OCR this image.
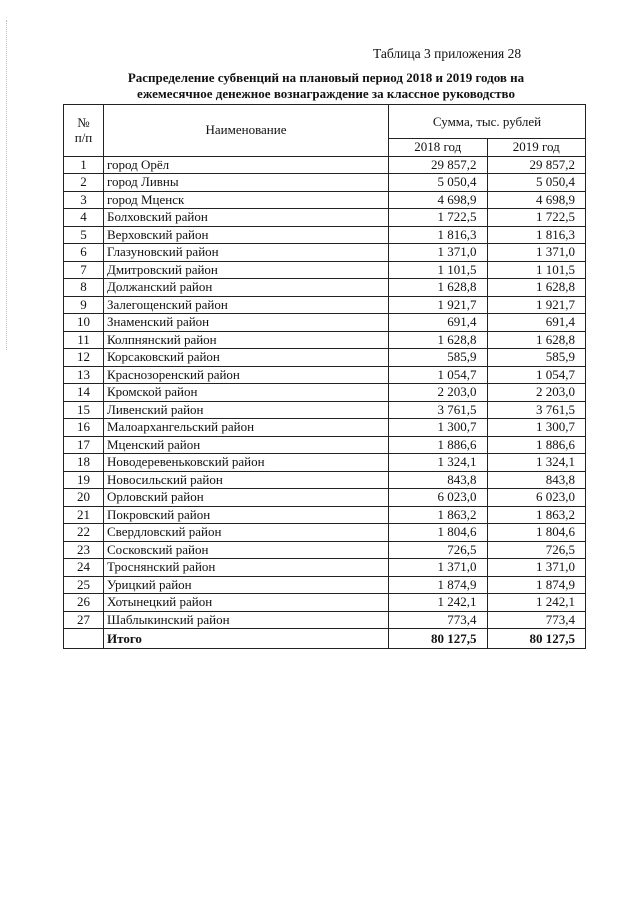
Таблица 3 приложения 28
Распределение субвенций на плановый период 2018 и 2019 годов на
ежемесячное денежное вознаграждение за классное руководство
№
п/п	Наименование	Сумма, тыс. рублей	
		2018 год	2019 год
1	город Орёл	29 857,2	29 857,2
2	город Ливны	5 050,4	5 050,4
3	город Мценск	4 698,9	4 698,9
4	Болховский район	1 722,5	1 722,5
5	Верховский район	1 816,3	1 816,3
6	Глазуновский район	1 371,0	1 371,0
7	Дмитровский район	1 101,5	1 101,5
8	Должанский район	1 628,8	1 628,8
9	Залегощенский район	1 921,7	1 921,7
10	Знаменский район	691,4	691,4
11	Колпнянский район	1 628,8	1 628,8
12	Корсаковский район	585,9	585,9
13	Краснозоренский район	1 054,7	1 054,7
14	Кромской район	2 203,0	2 203,0
15	Ливенский район	3 761,5	3 761,5
16	Малоархангельский район	1 300,7	1 300,7
17	Мценский район	1 886,6	1 886,6
18	Новодеревеньковский район	1 324,1	1 324,1
19	Новосильский район	843,8	843,8
20	Орловский район	6 023,0	6 023,0
21	Покровский район	1 863,2	1 863,2
22	Свердловский район	1 804,6	1 804,6
23	Сосковский район	726,5	726,5
24	Троснянский район	1 371,0	1 371,0
25	Урицкий район	1 874,9	1 874,9
26	Хотынецкий район	1 242,1	1 242,1
27	Шаблыкинский район	773,4	773,4
	Итого	80 127,5	80 127,5
